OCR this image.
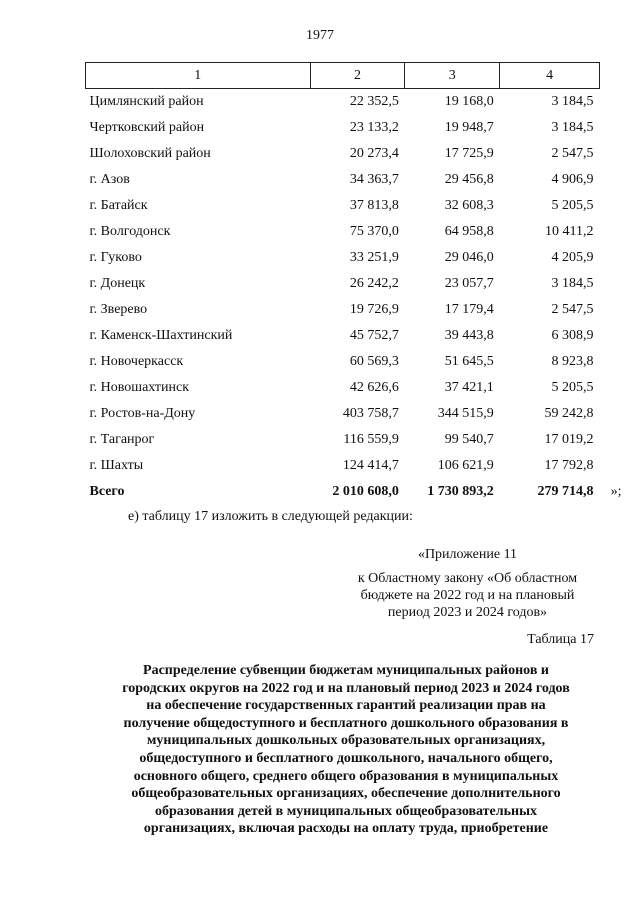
1977
1	2	3	4
Цимлянский район	22 352,5	19 168,0	3 184,5
Чертковский район	23 133,2	19 948,7	3 184,5
Шолоховский район	20 273,4	17 725,9	2 547,5
г. Азов	34 363,7	29 456,8	4 906,9
г. Батайск	37 813,8	32 608,3	5 205,5
г. Волгодонск	75 370,0	64 958,8	10 411,2
г. Гуково	33 251,9	29 046,0	4 205,9
г. Донецк	26 242,2	23 057,7	3 184,5
г. Зверево	19 726,9	17 179,4	2 547,5
г. Каменск-Шахтинский	45 752,7	39 443,8	6 308,9
г. Новочеркасск	60 569,3	51 645,5	8 923,8
г. Новошахтинск	42 626,6	37 421,1	5 205,5
г. Ростов-на-Дону	403 758,7	344 515,9	59 242,8
г. Таганрог	116 559,9	99 540,7	17 019,2
г. Шахты	124 414,7	106 621,9	17 792,8
Всего	2 010 608,0	1 730 893,2	279 714,8 »;
е) таблицу 17 изложить в следующей редакции:
«Приложение 11
к Областному закону «Об областном
бюджете на 2022 год и на плановый
период 2023 и 2024 годов»
Таблица 17
Распределение субвенции бюджетам муниципальных районов и
городских округов на 2022 год и на плановый период 2023 и 2024 годов
на обеспечение государственных гарантий реализации прав на
получение общедоступного и бесплатного дошкольного образования в
муниципальных дошкольных образовательных организациях,
общедоступного и бесплатного дошкольного, начального общего,
основного общего, среднего общего образования в муниципальных
общеобразовательных организациях, обеспечение дополнительного
образования детей в муниципальных общеобразовательных
организациях, включая расходы на оплату труда, приобретение
